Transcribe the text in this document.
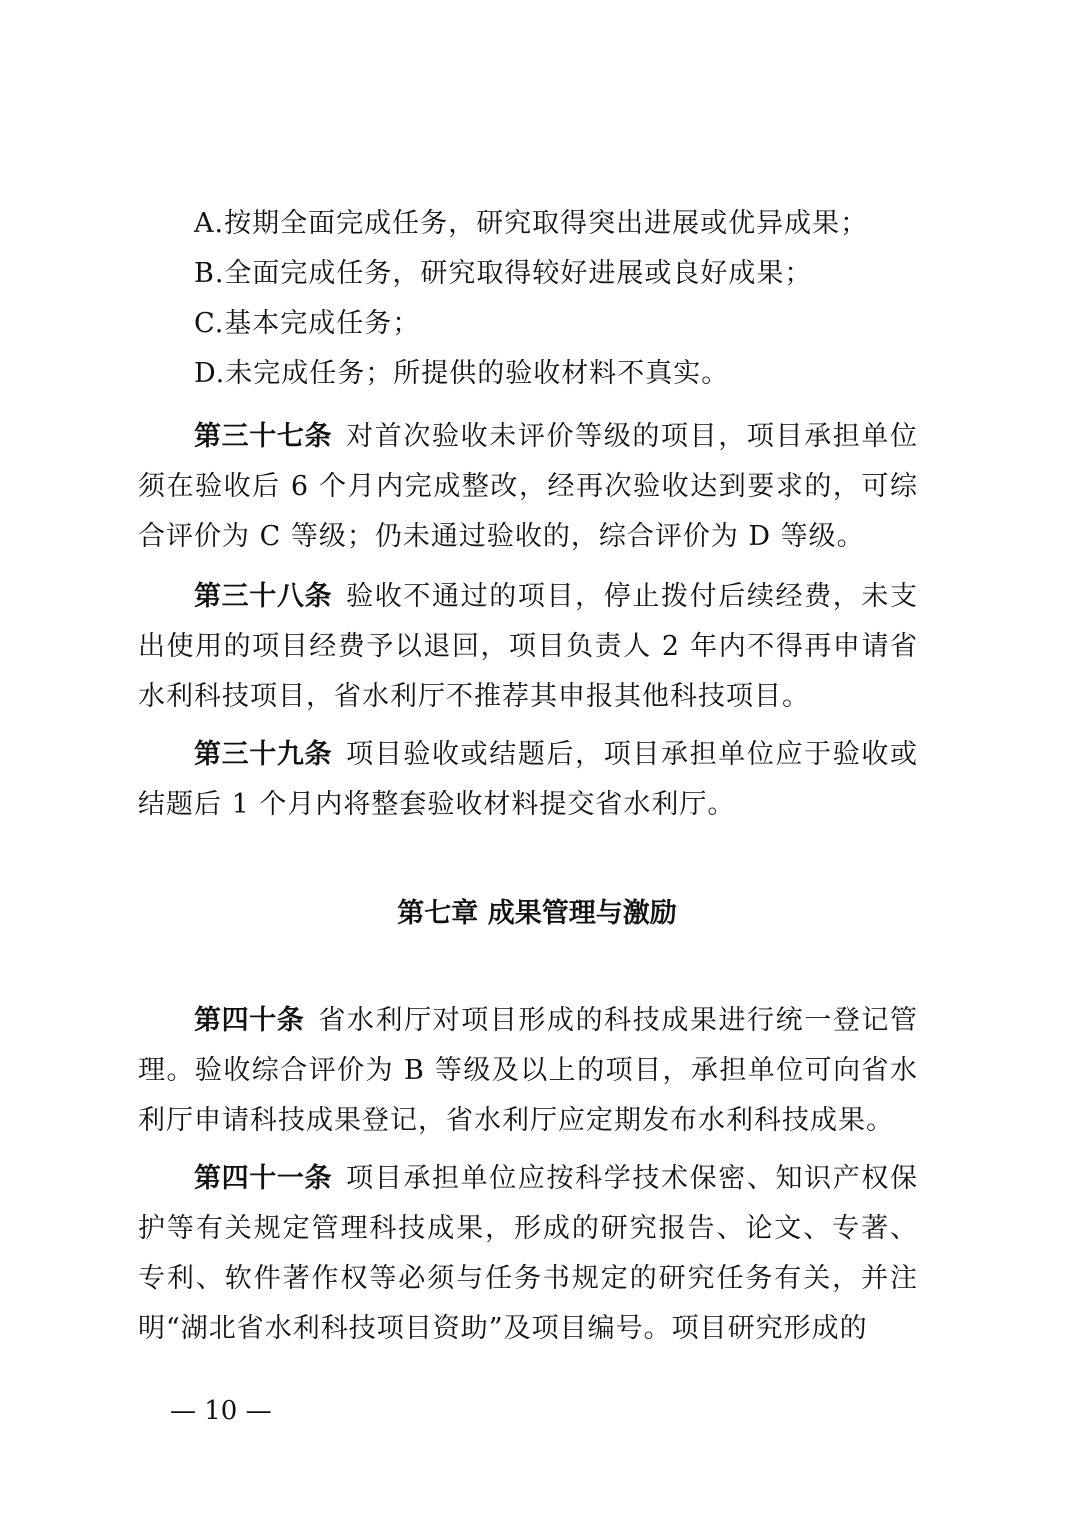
A.按期全面完成任务，研究取得突出进展或优异成果；
B.全面完成任务，研究取得较好进展或良好成果；
C.基本完成任务；
D.未完成任务；所提供的验收材料不真实。
第三十七条 对首次验收未评价等级的项目，项目承担单位须在验收后 6 个月内完成整改，经再次验收达到要求的，可综合评价为 C 等级；仍未通过验收的，综合评价为 D 等级。
第三十八条 验收不通过的项目，停止拨付后续经费，未支出使用的项目经费予以退回，项目负责人 2 年内不得再申请省水利科技项目，省水利厅不推荐其申报其他科技项目。
第三十九条 项目验收或结题后，项目承担单位应于验收或结题后 1 个月内将整套验收材料提交省水利厅。
第七章 成果管理与激励
第四十条 省水利厅对项目形成的科技成果进行统一登记管理。验收综合评价为 B 等级及以上的项目，承担单位可向省水利厅申请科技成果登记，省水利厅应定期发布水利科技成果。
第四十一条 项目承担单位应按科学技术保密、知识产权保护等有关规定管理科技成果，形成的研究报告、论文、专著、专利、软件著作权等必须与任务书规定的研究任务有关，并注明“湖北省水利科技项目资助”及项目编号。项目研究形成的
— 10 —
